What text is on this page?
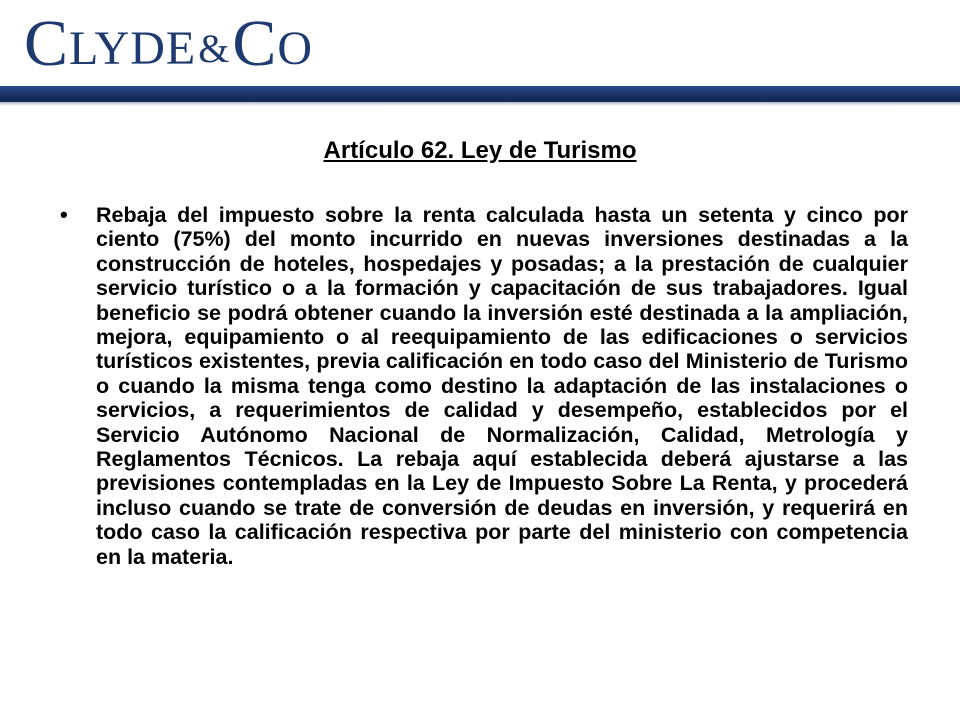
C LYDE & C O
Artículo 62. Ley de Turismo
• Rebaja del impuesto sobre la renta calculada hasta un setenta y cinco por ciento (75%) del monto incurrido en nuevas inversiones destinadas a la construcción de hoteles, hospedajes y posadas; a la prestación de cualquier servicio turístico o a la formación y capacitación de sus trabajadores. Igual beneficio se podrá obtener cuando la inversión esté destinada a la ampliación, mejora, equipamiento o al reequipamiento de las edificaciones o servicios turísticos existentes, previa calificación en todo caso del Ministerio de Turismo o cuando la misma tenga como destino la adaptación de las instalaciones o servicios, a requerimientos de calidad y desempeño, establecidos por el Servicio Autónomo Nacional de Normalización, Calidad, Metrología y Reglamentos Técnicos. La rebaja aquí establecida deberá ajustarse a las previsiones contempladas en la Ley de Impuesto Sobre La Renta, y procederá incluso cuando se trate de conversión de deudas en inversión, y requerirá en todo caso la calificación respectiva por parte del ministerio con competencia en la materia.
